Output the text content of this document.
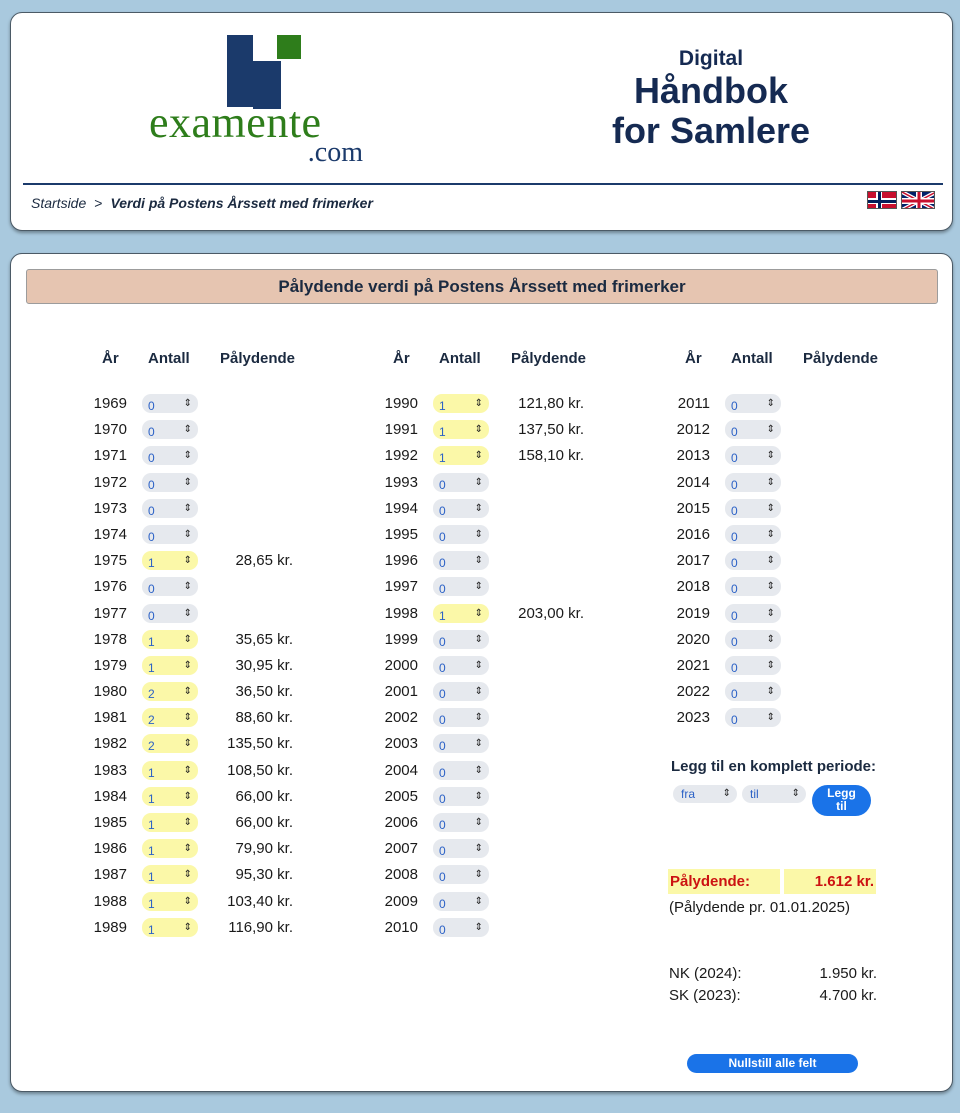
examente
.com
Digital
Håndbok
for Samlere
Startside > Verdi på Postens Årssett med frimerker
Pålydende verdi på Postens Årssett med frimerker
År Antall Pålydende
1969 0	⇕
1970 0	⇕
1971 0	⇕
1972 0	⇕
1973 0	⇕
1974 0	⇕
1975 1	⇕	28,65 kr.
1976 0	⇕
1977 0	⇕
1978 1	⇕	35,65 kr.
1979 1	⇕	30,95 kr.
1980 2	⇕	36,50 kr.
1981 2	⇕	88,60 kr.
1982 2	⇕	135,50 kr.
1983 1	⇕	108,50 kr.
1984 1	⇕	66,00 kr.
1985 1	⇕	66,00 kr.
1986 1	⇕	79,90 kr.
1987 1	⇕	95,30 kr.
1988 1	⇕	103,40 kr.
1989 1	⇕	116,90 kr.
År Antall Pålydende
1990 1	⇕	121,80 kr.
1991 1	⇕	137,50 kr.
1992 1	⇕	158,10 kr.
1993 0	⇕
1994 0	⇕
1995 0	⇕
1996 0	⇕
1997 0	⇕
1998 1	⇕	203,00 kr.
1999 0	⇕
2000 0	⇕
2001 0	⇕
2002 0	⇕
2003 0	⇕
2004 0	⇕
2005 0	⇕
2006 0	⇕
2007 0	⇕
2008 0	⇕
2009 0	⇕
2010 0	⇕
År Antall Pålydende
2011 0	⇕
2012 0	⇕
2013 0	⇕
2014 0	⇕
2015 0	⇕
2016 0	⇕
2017 0	⇕
2018 0	⇕
2019 0	⇕
2020 0	⇕
2021 0	⇕
2022 0	⇕
2023 0	⇕
Legg til en komplett periode:
fra	⇕	til	⇕	Legg
til
Pålydende:	1.612 kr.
(Pålydende pr. 01.01.2025)
NK (2024):	1.950 kr.
SK (2023):	4.700 kr.
Nullstill alle felt
